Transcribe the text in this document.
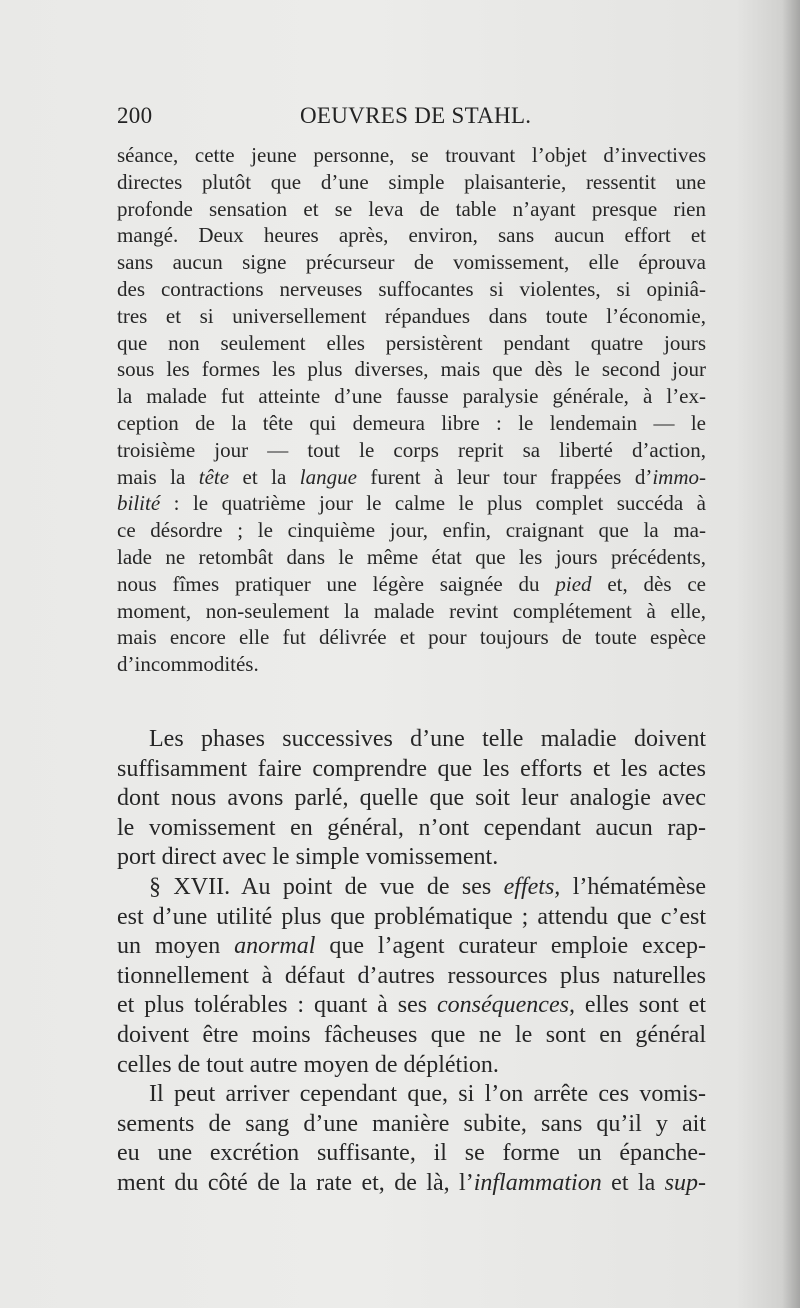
200	OEUVRES DE STAHL.
séance, cette jeune personne, se trouvant l’objet d’invectives
directes plutôt que d’une simple plaisanterie, ressentit une
profonde sensation et se leva de table n’ayant presque rien
mangé. Deux heures après, environ, sans aucun effort et
sans aucun signe précurseur de vomissement, elle éprouva
des contractions nerveuses suffocantes si violentes, si opiniâ-
tres et si universellement répandues dans toute l’économie,
que non seulement elles persistèrent pendant quatre jours
sous les formes les plus diverses, mais que dès le second jour
la malade fut atteinte d’une fausse paralysie générale, à l’ex-
ception de la tête qui demeura libre : le lendemain — le
troisième jour — tout le corps reprit sa liberté d’action,
mais la tête et la langue furent à leur tour frappées d’immo-
bilité : le quatrième jour le calme le plus complet succéda à
ce désordre ; le cinquième jour, enfin, craignant que la ma-
lade ne retombât dans le même état que les jours précédents,
nous fîmes pratiquer une légère saignée du pied et, dès ce
moment, non-seulement la malade revint complétement à elle,
mais encore elle fut délivrée et pour toujours de toute espèce
d’incommodités.
Les phases successives d’une telle maladie doivent
suffisamment faire comprendre que les efforts et les actes
dont nous avons parlé, quelle que soit leur analogie avec
le vomissement en général, n’ont cependant aucun rap-
port direct avec le simple vomissement.
§ XVII. Au point de vue de ses effets, l’hématémèse
est d’une utilité plus que problématique ; attendu que c’est
un moyen anormal que l’agent curateur emploie excep-
tionnellement à défaut d’autres ressources plus naturelles
et plus tolérables : quant à ses conséquences, elles sont et
doivent être moins fâcheuses que ne le sont en général
celles de tout autre moyen de déplétion.
Il peut arriver cependant que, si l’on arrête ces vomis-
sements de sang d’une manière subite, sans qu’il y ait
eu une excrétion suffisante, il se forme un épanche-
ment du côté de la rate et, de là, l’inflammation et la sup-
